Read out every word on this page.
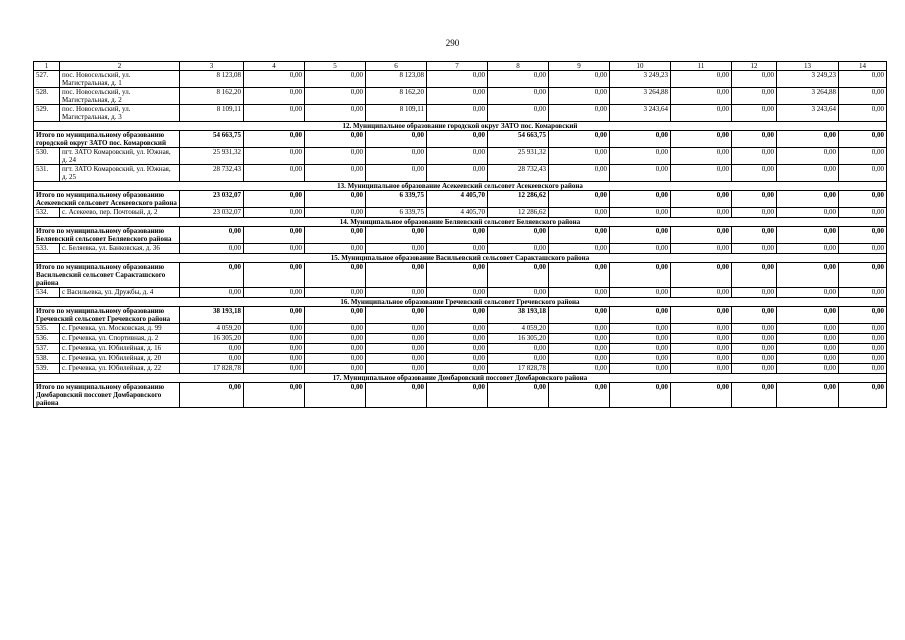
290
1	2	3	4	5	6	7	8	9	10	11	12	13	14
527.	пос. Новосельский, ул. Магистральная, д. 1	8 123,08	0,00	0,00	8 123,08	0,00	0,00	0,00	3 249,23	0,00	0,00	3 249,23	0,00
528.	пос. Новосельский, ул. Магистральная, д. 2	8 162,20	0,00	0,00	8 162,20	0,00	0,00	0,00	3 264,88	0,00	0,00	3 264,88	0,00
529.	пос. Новосельский, ул. Магистральная, д. 3	8 109,11	0,00	0,00	8 109,11	0,00	0,00	0,00	3 243,64	0,00	0,00	3 243,64	0,00
12. Муниципальное образование городской округ ЗАТО пос. Комаровский													
Итого по муниципальному образованию городской округ ЗАТО пос. Комаровский		54 663,75	0,00	0,00	0,00	0,00	54 663,75	0,00	0,00	0,00	0,00	0,00	0,00
530.	пгт. ЗАТО Комаровский, ул. Южная, д. 24	25 931,32	0,00	0,00	0,00	0,00	25 931,32	0,00	0,00	0,00	0,00	0,00	0,00
531.	пгт. ЗАТО Комаровский, ул. Южная, д. 25	28 732,43	0,00	0,00	0,00	0,00	28 732,43	0,00	0,00	0,00	0,00	0,00	0,00
13. Муниципальное образование Асекеевский сельсовет Асекеевского района													
Итого по муниципальному образованию Асекеевский сельсовет Асекеевского района		23 032,07	0,00	0,00	6 339,75	4 405,70	12 286,62	0,00	0,00	0,00	0,00	0,00	0,00
532.	с. Асекеево, пер. Почтовый, д. 2	23 032,07	0,00	0,00	6 339,75	4 405,70	12 286,62	0,00	0,00	0,00	0,00	0,00	0,00
14. Муниципальное образование Беляевский сельсовет Беляевского района													
Итого по муниципальному образованию Беляевский сельсовет Беляевского района		0,00	0,00	0,00	0,00	0,00	0,00	0,00	0,00	0,00	0,00	0,00	0,00
533.	с. Беляевка, ул. Банковская, д. 36	0,00	0,00	0,00	0,00	0,00	0,00	0,00	0,00	0,00	0,00	0,00	0,00
15. Муниципальное образование Васильевский сельсовет Саракташского района													
Итого по муниципальному образованию Васильевский сельсовет Саракташского района		0,00	0,00	0,00	0,00	0,00	0,00	0,00	0,00	0,00	0,00	0,00	0,00
534.	с Васильевка, ул. Дружбы, д. 4	0,00	0,00	0,00	0,00	0,00	0,00	0,00	0,00	0,00	0,00	0,00	0,00
16. Муниципальное образование Гречевский сельсовет Гречевского района													
Итого по муниципальному образованию Гречевский сельсовет Гречевского района		38 193,18	0,00	0,00	0,00	0,00	38 193,18	0,00	0,00	0,00	0,00	0,00	0,00
535.	с. Гречевка, ул. Московская, д. 99	4 059,20	0,00	0,00	0,00	0,00	4 059,20	0,00	0,00	0,00	0,00	0,00	0,00
536.	с. Гречевка, ул. Спортивная, д. 2	16 305,20	0,00	0,00	0,00	0,00	16 305,20	0,00	0,00	0,00	0,00	0,00	0,00
537.	с. Гречевка, ул. Юбилейная, д. 16	0,00	0,00	0,00	0,00	0,00	0,00	0,00	0,00	0,00	0,00	0,00	0,00
538.	с. Гречевка, ул. Юбилейная, д. 20	0,00	0,00	0,00	0,00	0,00	0,00	0,00	0,00	0,00	0,00	0,00	0,00
539.	с. Гречевка, ул. Юбилейная, д. 22	17 828,78	0,00	0,00	0,00	0,00	17 828,78	0,00	0,00	0,00	0,00	0,00	0,00
17. Муниципальное образование Домбаровский поссовет Домбаровского района													
Итого по муниципальному образованию Домбаровский поссовет Домбаровского района		0,00	0,00	0,00	0,00	0,00	0,00	0,00	0,00	0,00	0,00	0,00	0,00
